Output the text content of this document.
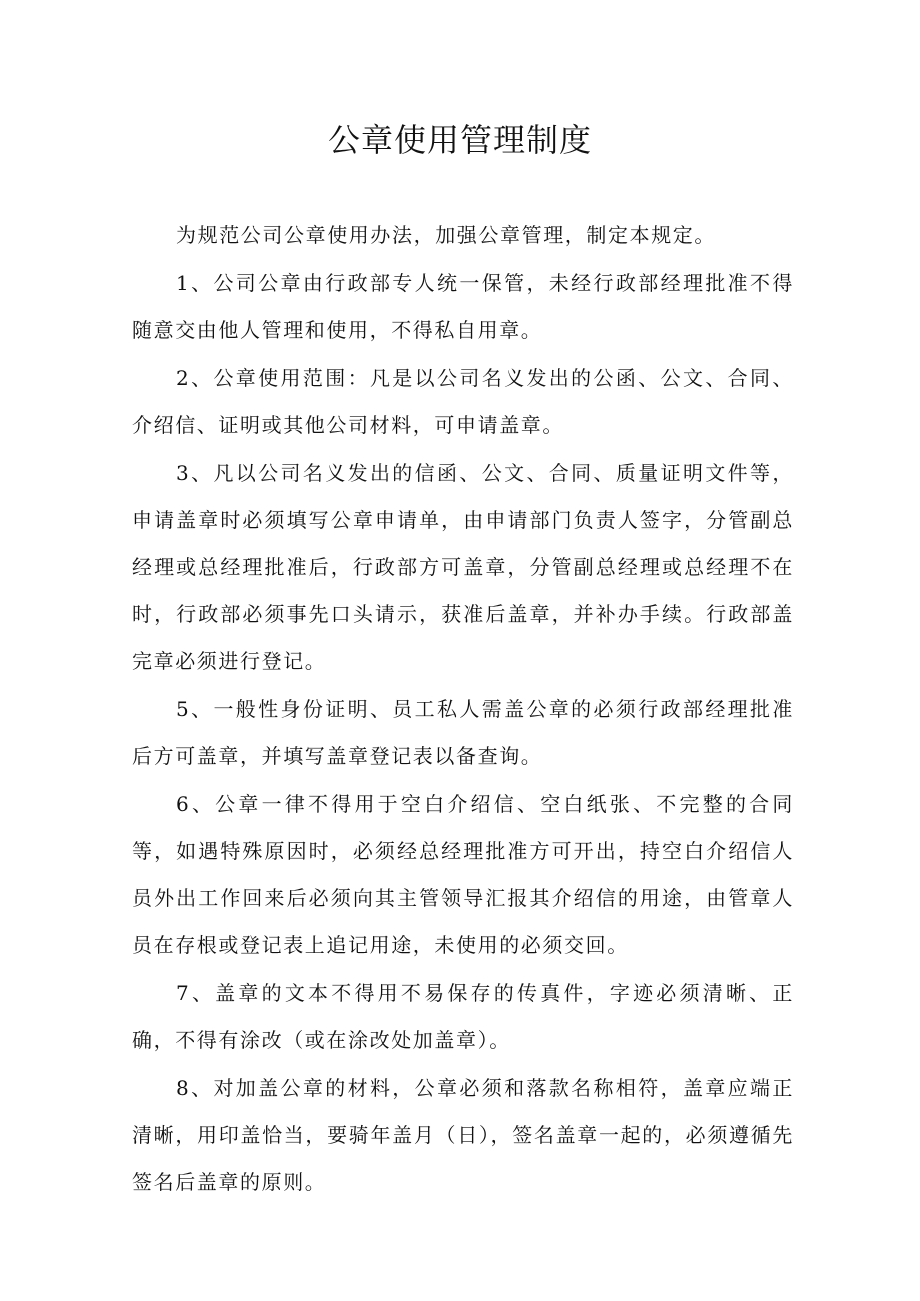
公章使用管理制度

为规范公司公章使用办法，加强公章管理，制定本规定。

1、公司公章由行政部专人统一保管，未经行政部经理批准不得随意交由他人管理和使用，不得私自用章。

2、公章使用范围：凡是以公司名义发出的公函、公文、合同、介绍信、证明或其他公司材料，可申请盖章。

3、凡以公司名义发出的信函、公文、合同、质量证明文件等，申请盖章时必须填写公章申请单，由申请部门负责人签字，分管副总经理或总经理批准后，行政部方可盖章，分管副总经理或总经理不在时，行政部必须事先口头请示，获准后盖章，并补办手续。行政部盖完章必须进行登记。

5、一般性身份证明、员工私人需盖公章的必须行政部经理批准后方可盖章，并填写盖章登记表以备查询。

6、公章一律不得用于空白介绍信、空白纸张、不完整的合同等，如遇特殊原因时，必须经总经理批准方可开出，持空白介绍信人员外出工作回来后必须向其主管领导汇报其介绍信的用途，由管章人员在存根或登记表上追记用途，未使用的必须交回。

7、盖章的文本不得用不易保存的传真件，字迹必须清晰、正确，不得有涂改（或在涂改处加盖章）。

8、对加盖公章的材料，公章必须和落款名称相符，盖章应端正清晰，用印盖恰当，要骑年盖月（日），签名盖章一起的，必须遵循先签名后盖章的原则。
